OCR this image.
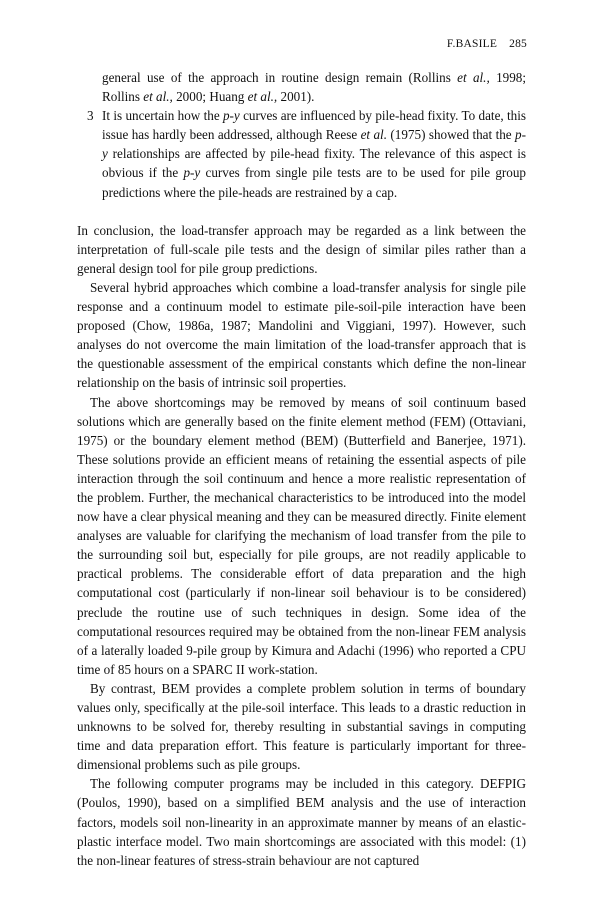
F.BASILE 285

general use of the approach in routine design remain (Rollins et al., 1998; Rollins et al., 2000; Huang et al., 2001).

3 It is uncertain how the p-y curves are influenced by pile-head fixity. To date, this issue has hardly been addressed, although Reese et al. (1975) showed that the p-y relationships are affected by pile-head fixity. The relevance of this aspect is obvious if the p-y curves from single pile tests are to be used for pile group predictions where the pile-heads are restrained by a cap.

In conclusion, the load-transfer approach may be regarded as a link between the interpretation of full-scale pile tests and the design of similar piles rather than a general design tool for pile group predictions.

Several hybrid approaches which combine a load-transfer analysis for single pile response and a continuum model to estimate pile-soil-pile interaction have been proposed (Chow, 1986a, 1987; Mandolini and Viggiani, 1997). However, such analyses do not overcome the main limitation of the load-transfer approach that is the questionable assessment of the empirical constants which define the non-linear relationship on the basis of intrinsic soil properties.

The above shortcomings may be removed by means of soil continuum based solutions which are generally based on the finite element method (FEM) (Ottaviani, 1975) or the boundary element method (BEM) (Butterfield and Banerjee, 1971). These solutions provide an efficient means of retaining the essential aspects of pile interaction through the soil continuum and hence a more realistic representation of the problem. Further, the mechanical characteristics to be introduced into the model now have a clear physical meaning and they can be measured directly. Finite element analyses are valuable for clarifying the mechanism of load transfer from the pile to the surrounding soil but, especially for pile groups, are not readily applicable to practical problems. The considerable effort of data preparation and the high computational cost (particularly if non-linear soil behaviour is to be considered) preclude the routine use of such techniques in design. Some idea of the computational resources required may be obtained from the non-linear FEM analysis of a laterally loaded 9-pile group by Kimura and Adachi (1996) who reported a CPU time of 85 hours on a SPARC II work-station.

By contrast, BEM provides a complete problem solution in terms of boundary values only, specifically at the pile-soil interface. This leads to a drastic reduction in unknowns to be solved for, thereby resulting in substantial savings in computing time and data preparation effort. This feature is particularly important for three-dimensional problems such as pile groups.

The following computer programs may be included in this category. DEFPIG (Poulos, 1990), based on a simplified BEM analysis and the use of interaction factors, models soil non-linearity in an approximate manner by means of an elastic-plastic interface model. Two main shortcomings are associated with this model: (1) the non-linear features of stress-strain behaviour are not captured
